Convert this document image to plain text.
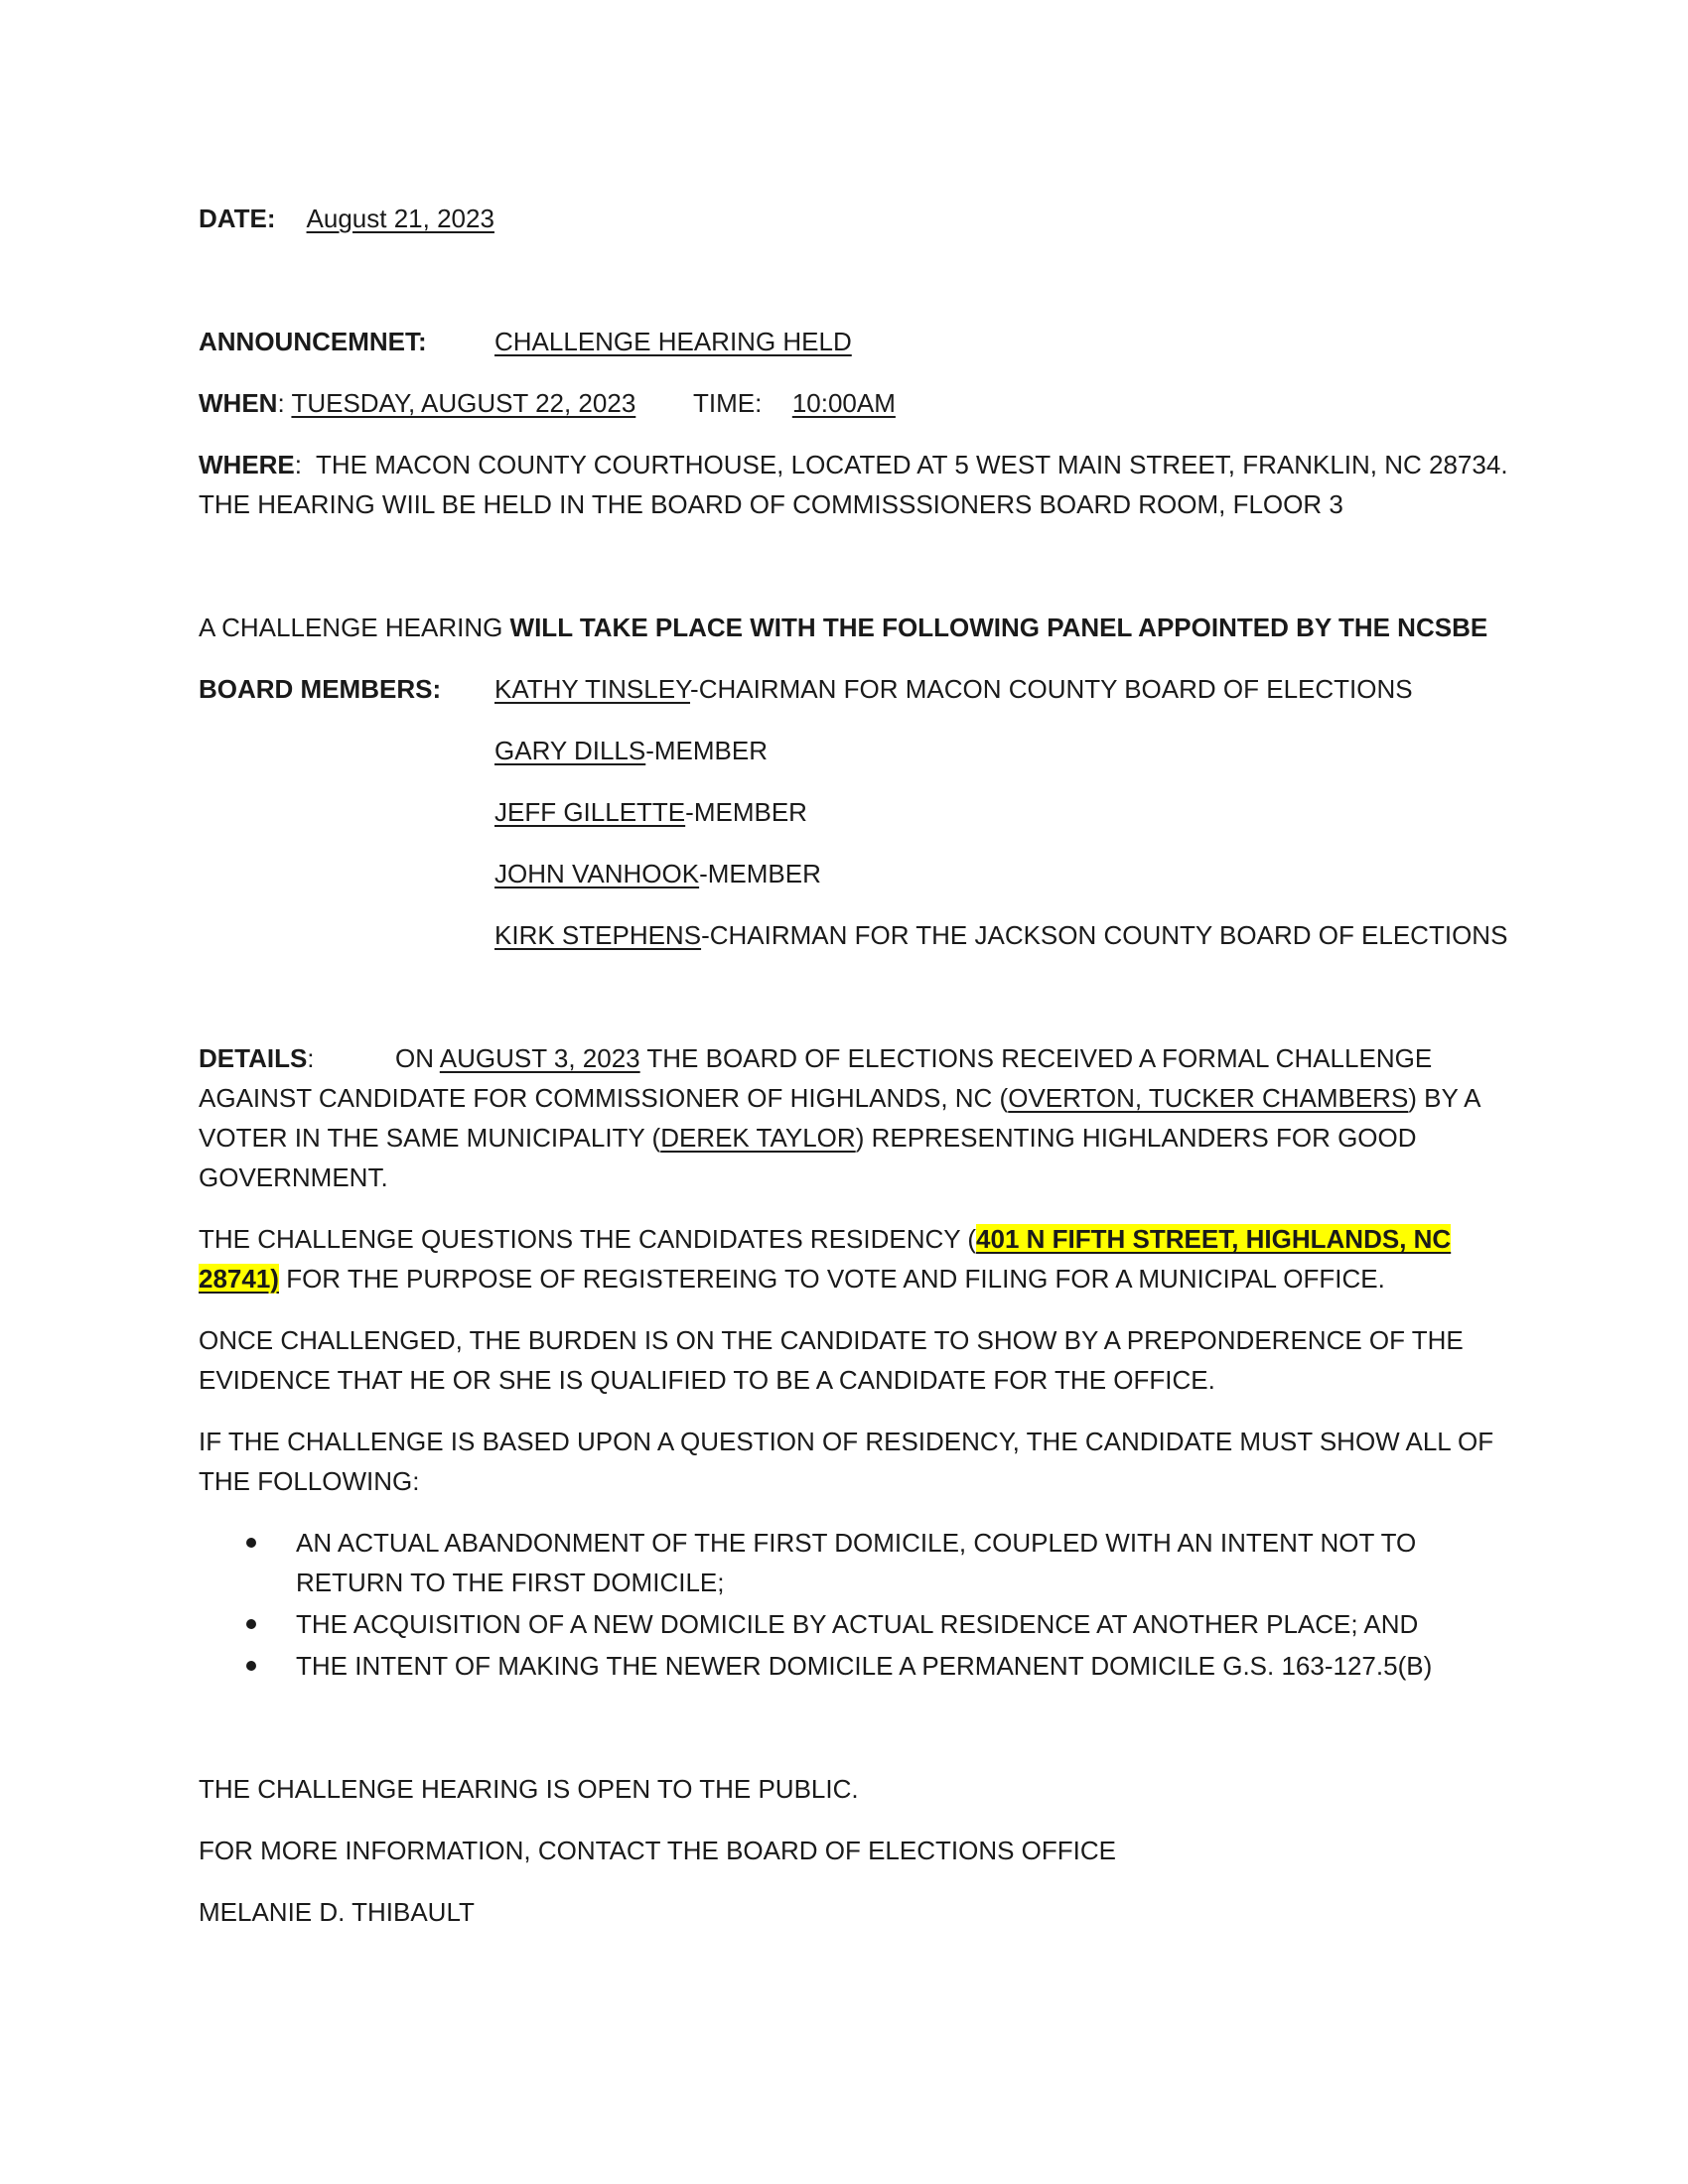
DATE: August 21, 2023
ANNOUNCEMNET:	CHALLENGE HEARING HELD
WHEN: TUESDAY, AUGUST 22, 2023 TIME: 10:00AM
WHERE:  THE MACON COUNTY COURTHOUSE, LOCATED AT 5 WEST MAIN STREET, FRANKLIN, NC 28734.
THE HEARING WIIL BE HELD IN THE BOARD OF COMMISSSIONERS BOARD ROOM, FLOOR 3
A CHALLENGE HEARING WILL TAKE PLACE WITH THE FOLLOWING PANEL APPOINTED BY THE NCSBE
BOARD MEMBERS: KATHY TINSLEY-CHAIRMAN FOR MACON COUNTY BOARD OF ELECTIONS
GARY DILLS-MEMBER
JEFF GILLETTE-MEMBER
JOHN VANHOOK-MEMBER
KIRK STEPHENS-CHAIRMAN FOR THE JACKSON COUNTY BOARD OF ELECTIONS
DETAILS:	ON AUGUST 3, 2023 THE BOARD OF ELECTIONS RECEIVED A FORMAL CHALLENGE
AGAINST CANDIDATE FOR COMMISSIONER OF HIGHLANDS, NC (OVERTON, TUCKER CHAMBERS) BY A
VOTER IN THE SAME MUNICIPALITY (DEREK TAYLOR) REPRESENTING HIGHLANDERS FOR GOOD
GOVERNMENT.
THE CHALLENGE QUESTIONS THE CANDIDATES RESIDENCY (401 N FIFTH STREET, HIGHLANDS, NC
28741) FOR THE PURPOSE OF REGISTEREING TO VOTE AND FILING FOR A MUNICIPAL OFFICE.
ONCE CHALLENGED, THE BURDEN IS ON THE CANDIDATE TO SHOW BY A PREPONDERENCE OF THE
EVIDENCE THAT HE OR SHE IS QUALIFIED TO BE A CANDIDATE FOR THE OFFICE.
IF THE CHALLENGE IS BASED UPON A QUESTION OF RESIDENCY, THE CANDIDATE MUST SHOW ALL OF
THE FOLLOWING:
AN ACTUAL ABANDONMENT OF THE FIRST DOMICILE, COUPLED WITH AN INTENT NOT TO
RETURN TO THE FIRST DOMICILE;
THE ACQUISITION OF A NEW DOMICILE BY ACTUAL RESIDENCE AT ANOTHER PLACE; AND
THE INTENT OF MAKING THE NEWER DOMICILE A PERMANENT DOMICILE G.S. 163-127.5(B)
THE CHALLENGE HEARING IS OPEN TO THE PUBLIC.
FOR MORE INFORMATION, CONTACT THE BOARD OF ELECTIONS OFFICE
MELANIE D. THIBAULT
